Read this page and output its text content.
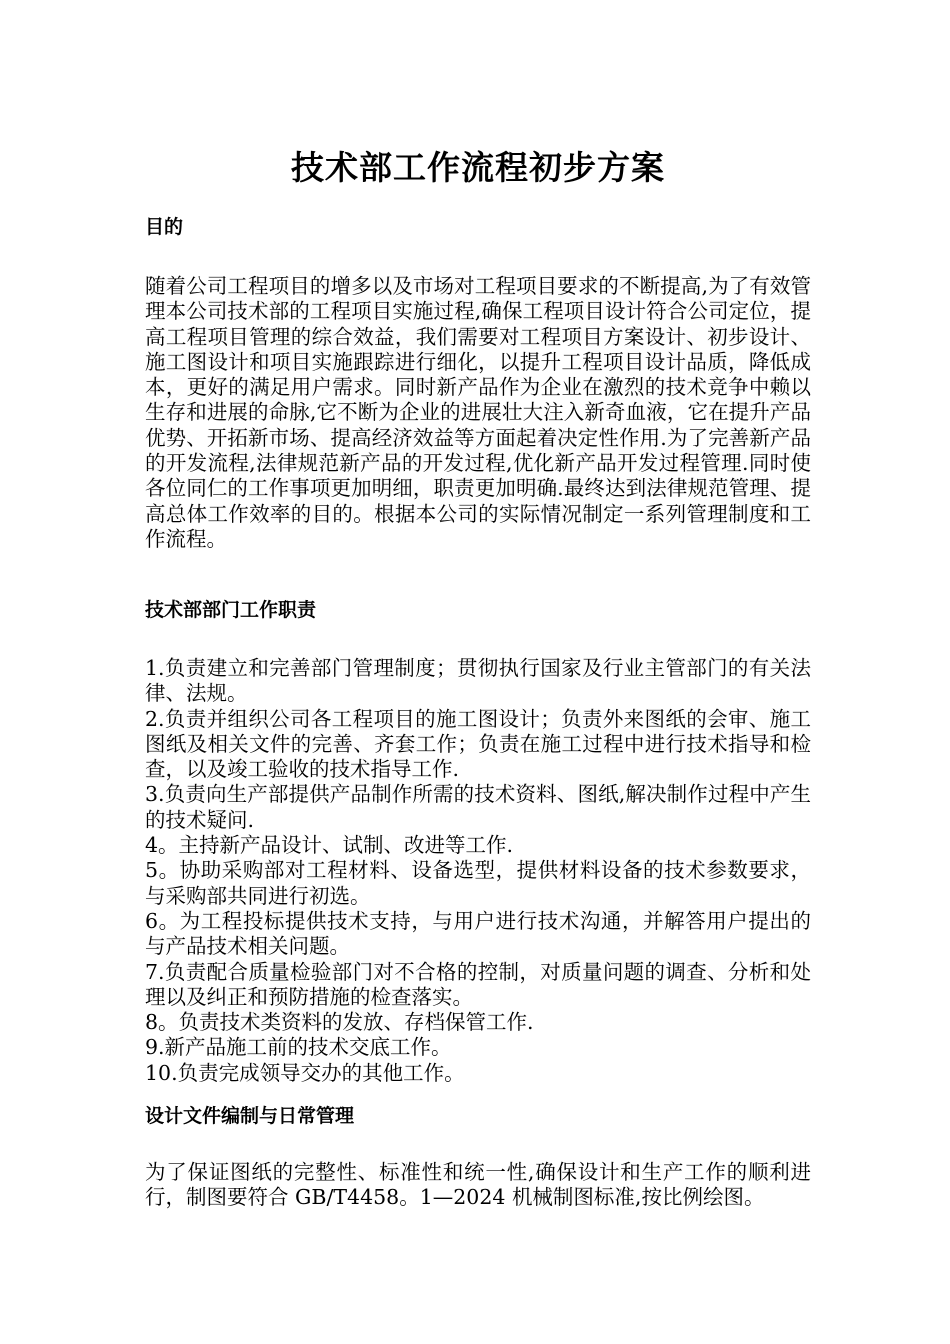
技术部工作流程初步方案
目的

随着公司工程项目的增多以及市场对工程项目要求的不断提高,为了有效管理本公司技术部的工程项目实施过程,确保工程项目设计符合公司定位，提高工程项目管理的综合效益，我们需要对工程项目方案设计、初步设计、施工图设计和项目实施跟踪进行细化，以提升工程项目设计品质，降低成本，更好的满足用户需求。同时新产品作为企业在激烈的技术竞争中赖以生存和进展的命脉,它不断为企业的进展壮大注入新奇血液，它在提升产品优势、开拓新市场、提高经济效益等方面起着决定性作用.为了完善新产品的开发流程,法律规范新产品的开发过程,优化新产品开发过程管理.同时使各位同仁的工作事项更加明细，职责更加明确.最终达到法律规范管理、提高总体工作效率的目的。根据本公司的实际情况制定一系列管理制度和工作流程。

技术部部门工作职责
1.负责建立和完善部门管理制度；贯彻执行国家及行业主管部门的有关法律、法规。
2.负责并组织公司各工程项目的施工图设计；负责外来图纸的会审、施工图纸及相关文件的完善、齐套工作；负责在施工过程中进行技术指导和检查，以及竣工验收的技术指导工作.
3.负责向生产部提供产品制作所需的技术资料、图纸,解决制作过程中产生的技术疑问.
4。主持新产品设计、试制、改进等工作.
5。协助采购部对工程材料、设备选型，提供材料设备的技术参数要求，与采购部共同进行初选。
6。为工程投标提供技术支持，与用户进行技术沟通，并解答用户提出的与产品技术相关问题。
7.负责配合质量检验部门对不合格的控制，对质量问题的调查、分析和处理以及纠正和预防措施的检查落实。
8。负责技术类资料的发放、存档保管工作.
9.新产品施工前的技术交底工作。
10.负责完成领导交办的其他工作。
设计文件编制与日常管理

为了保证图纸的完整性、标准性和统一性,确保设计和生产工作的顺利进行，制图要符合 GB/T4458。1—2024 机械制图标准,按比例绘图。
